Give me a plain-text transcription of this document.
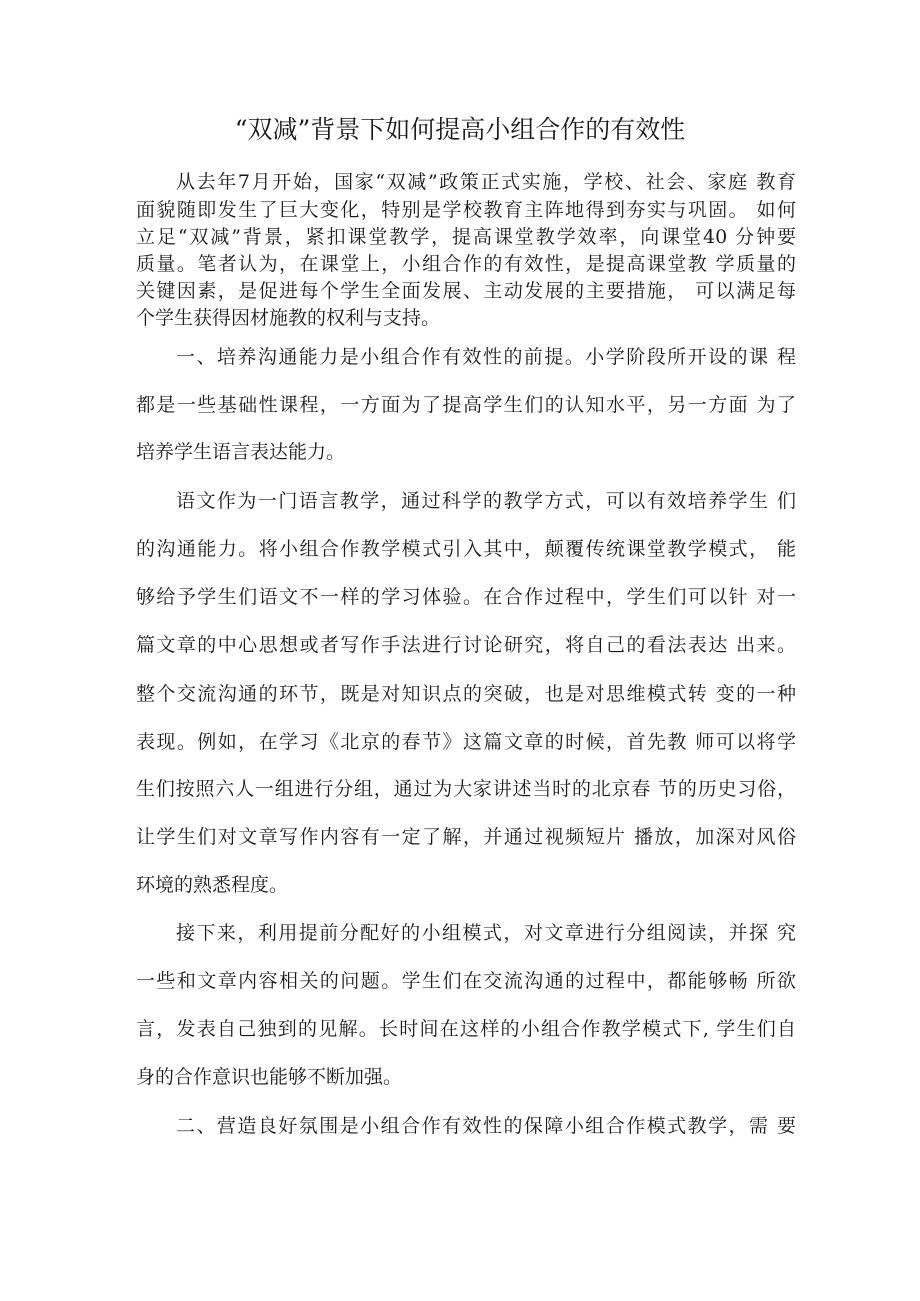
“双减”背景下如何提高小组合作的有效性
从去年7月开始，国家“双减”政策正式实施，学校、社会、家庭 教育
面貌随即发生了巨大变化，特别是学校教育主阵地得到夯实与巩固。 如何
立足“双减”背景，紧扣课堂教学，提高课堂教学效率，向课堂40 分钟要
质量。笔者认为，在课堂上，小组合作的有效性，是提高课堂教 学质量的
关键因素，是促进每个学生全面发展、主动发展的主要措施， 可以满足每
个学生获得因材施教的权利与支持。
一、培养沟通能力是小组合作有效性的前提。小学阶段所开设的课 程
都是一些基础性课程，一方面为了提高学生们的认知水平，另一方面 为了
培养学生语言表达能力。
语文作为一门语言教学，通过科学的教学方式，可以有效培养学生 们
的沟通能力。将小组合作教学模式引入其中，颠覆传统课堂教学模式， 能
够给予学生们语文不一样的学习体验。在合作过程中，学生们可以针 对一
篇文章的中心思想或者写作手法进行讨论研究，将自己的看法表达 出来。
整个交流沟通的环节，既是对知识点的突破，也是对思维模式转 变的一种
表现。例如，在学习《北京的春节》这篇文章的时候，首先教 师可以将学
生们按照六人一组进行分组，通过为大家讲述当时的北京春 节的历史习俗，
让学生们对文章写作内容有一定了解，并通过视频短片 播放，加深对风俗
环境的熟悉程度。
接下来，利用提前分配好的小组模式，对文章进行分组阅读，并探 究
一些和文章内容相关的问题。学生们在交流沟通的过程中，都能够畅 所欲
言，发表自己独到的见解。长时间在这样的小组合作教学模式下, 学生们自
身的合作意识也能够不断加强。
二、营造良好氛围是小组合作有效性的保障小组合作模式教学，需 要
